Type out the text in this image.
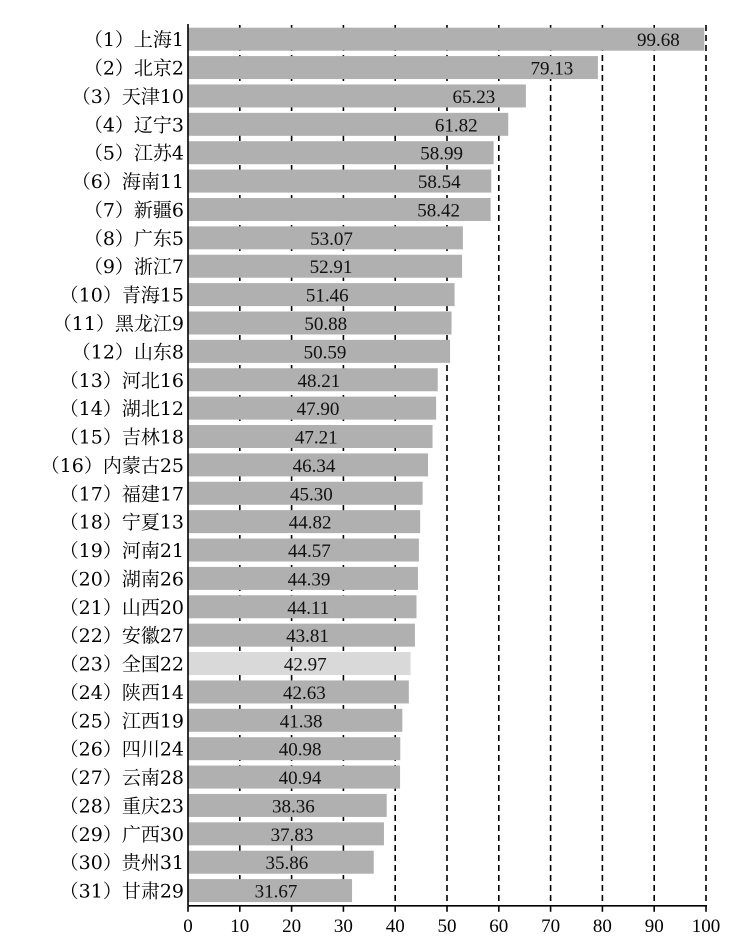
0 10 20 30 40 50 60 70 80 90 100
（1）上海1
（2）北京2
（3）天津10
（4）辽宁3
（5）江苏4
（6）海南11
（7）新疆6
（8）广东5
（9）浙江7
（10）青海15
（11）黑龙江9
（12）山东8
（13）河北16
（14）湖北12
（15）吉林18
（16）内蒙古25
（17）福建17
（18）宁夏13
（19）河南21
（20）湖南26
（21）山西20
（22）安徽27
（23）全国22
（24）陕西14
（25）江西19
（26）四川24
（27）云南28
（28）重庆23
（29）广西30
（30）贵州31
（31）甘肃29
99.68
79.13
65.23
61.82
58.99
58.54
58.42
53.07
52.91
51.46
50.88
50.59
48.21
47.90
47.21
46.34
45.30
44.82
44.57
44.39
44.11
43.81
42.97
42.63
41.38
40.98
40.94
38.36
37.83
35.86
31.67
